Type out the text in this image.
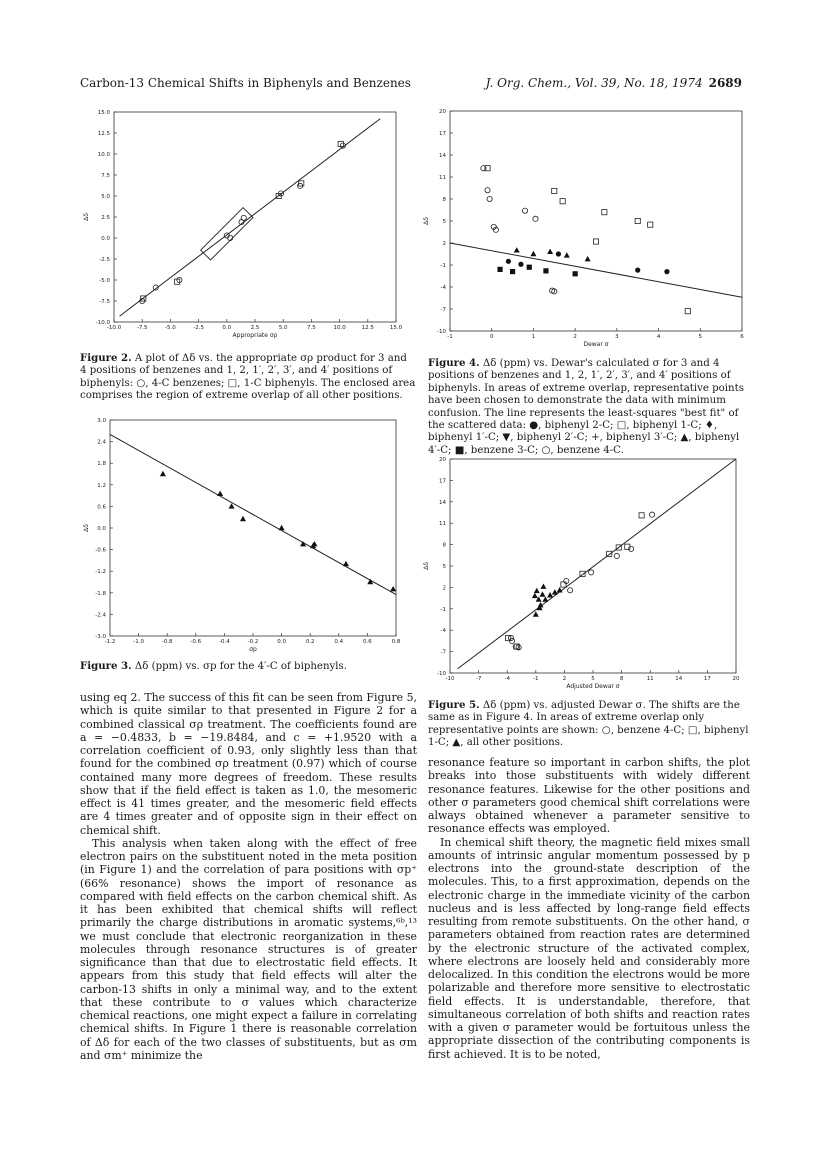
Carbon-13 Chemical Shifts in Biphenyls and Benzenes	J. Org. Chem., Vol. 39, No. 18, 1974 2689
-10.0	-7.5	-5.0	-2.5	0.0	2.5	5.0	7.5	10.0	12.5	15.0
-10.0
-7.5
-5.0
-2.5
0.0
2.5
5.0
7.5
10.0
12.5
15.0
Appropriate σρ
Δδ
Figure 2. A plot of Δδ vs. the appropriate σρ product for 3 and 4 positions of benzenes and 1, 2, 1′, 2′, 3′, and 4′ positions of biphenyls: ○, 4-C benzenes; □, 1-C biphenyls. The enclosed area comprises the region of extreme overlap of all other positions.
-1.2	-1.0	-0.8	-0.6	-0.4	-0.2	0.0	0.2	0.4	0.6	0.8
-3.0
-2.4
-1.8
-1.2
-0.6
0.0
0.6
1.2
1.8
2.4
3.0
σp
Δδ
Figure 3. Δδ (ppm) vs. σp for the 4′-C of biphenyls.
-1	0	1	2	3	4	5	6
-10
-7
-4
-1
2
5
8
11
14
17
20
Dewar σ
Δδ
Figure 4. Δδ (ppm) vs. Dewar's calculated σ for 3 and 4 positions of benzenes and 1, 2, 1′, 2′, 3′, and 4′ positions of biphenyls. In areas of extreme overlap, representative points have been chosen to demonstrate the data with minimum confusion. The line represents the least-squares "best fit" of the scattered data: ●, biphenyl 2-C; □, biphenyl 1-C; ♦, biphenyl 1′-C; ▼, biphenyl 2′-C; +, biphenyl 3′-C; ▲, biphenyl 4′-C; ■, benzene 3-C; ○, benzene 4-C.
-10	-7	-4	-1	2	5	8	11	14	17	20
-10
-7
-4
-1
2
5
8
11
14
17
20
Adjusted Dewar σ
Δδ
Figure 5. Δδ (ppm) vs. adjusted Dewar σ. The shifts are the same as in Figure 4. In areas of extreme overlap only representative points are shown: ○, benzene 4-C; □, biphenyl 1-C; ▲, all other positions.

using eq 2. The success of this fit can be seen from Figure 5, which is quite similar to that presented in Figure 2 for a combined classical σρ treatment. The coefficients found are a = −0.4833, b = −19.8484, and c = +1.9520 with a correlation coefficient of 0.93, only slightly less than that found for the combined σρ treatment (0.97) which of course contained many more degrees of freedom. These results show that if the field effect is taken as 1.0, the mesomeric effect is 41 times greater, and the mesomeric field effects are 4 times greater and of opposite sign in their effect on chemical shift.

This analysis when taken along with the effect of free electron pairs on the substituent noted in the meta position (in Figure 1) and the correlation of para positions with σp⁺ (66% resonance) shows the import of resonance as compared with field effects on the carbon chemical shift. As it has been exhibited that chemical shifts will reflect primarily the charge distributions in aromatic systems,⁶ᵇ,¹³ we must conclude that electronic reorganization in these molecules through resonance structures is of greater significance than that due to electrostatic field effects. It appears from this study that field effects will alter the carbon-13 shifts in only a minimal way, and to the extent that these contribute to σ values which characterize chemical reactions, one might expect a failure in correlating chemical shifts. In Figure 1 there is reasonable correlation of Δδ for each of the two classes of substituents, but as σm and σm⁺ minimize the

resonance feature so important in carbon shifts, the plot breaks into those substituents with widely different resonance features. Likewise for the other positions and other σ parameters good chemical shift correlations were always obtained whenever a parameter sensitive to resonance effects was employed.

In chemical shift theory, the magnetic field mixes small amounts of intrinsic angular momentum possessed by p electrons into the ground-state description of the molecules. This, to a first approximation, depends on the electronic charge in the immediate vicinity of the carbon nucleus and is less affected by long-range field effects resulting from remote substituents. On the other hand, σ parameters obtained from reaction rates are determined by the electronic structure of the activated complex, where electrons are loosely held and considerably more delocalized. In this condition the electrons would be more polarizable and therefore more sensitive to electrostatic field effects. It is understandable, therefore, that simultaneous correlation of both shifts and reaction rates with a given σ parameter would be fortuitous unless the appropriate dissection of the contributing components is first achieved. It is to be noted,
